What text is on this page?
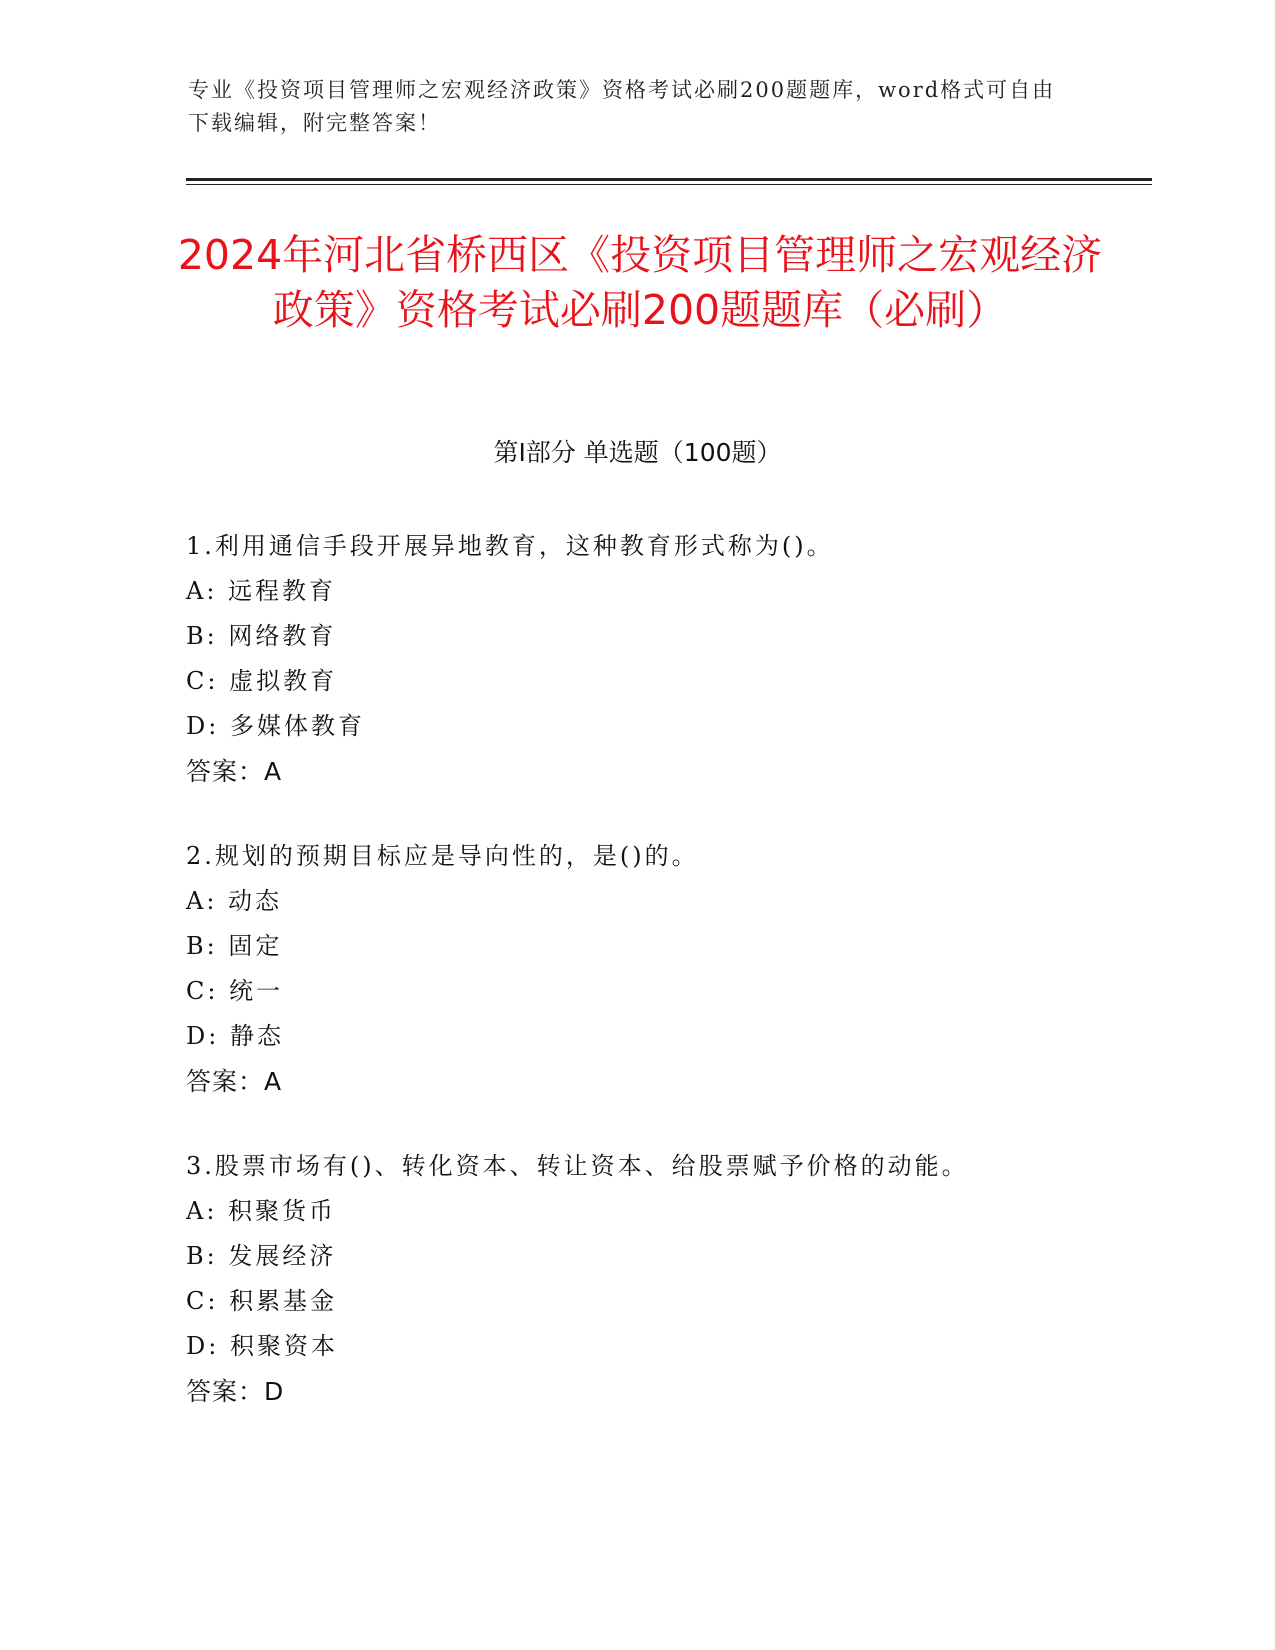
专业《投资项目管理师之宏观经济政策》资格考试必刷200题题库，word格式可自由下载编辑，附完整答案！
2024年河北省桥西区《投资项目管理师之宏观经济政策》资格考试必刷200题题库（必刷）
第Ⅰ部分 单选题（100题）
1.利用通信手段开展异地教育，这种教育形式称为()。
A: 远程教育
B: 网络教育
C: 虚拟教育
D: 多媒体教育
答案：A
2.规划的预期目标应是导向性的，是()的。
A: 动态
B: 固定
C: 统一
D: 静态
答案：A
3.股票市场有()、转化资本、转让资本、给股票赋予价格的动能。
A: 积聚货币
B: 发展经济
C: 积累基金
D: 积聚资本
答案：D
